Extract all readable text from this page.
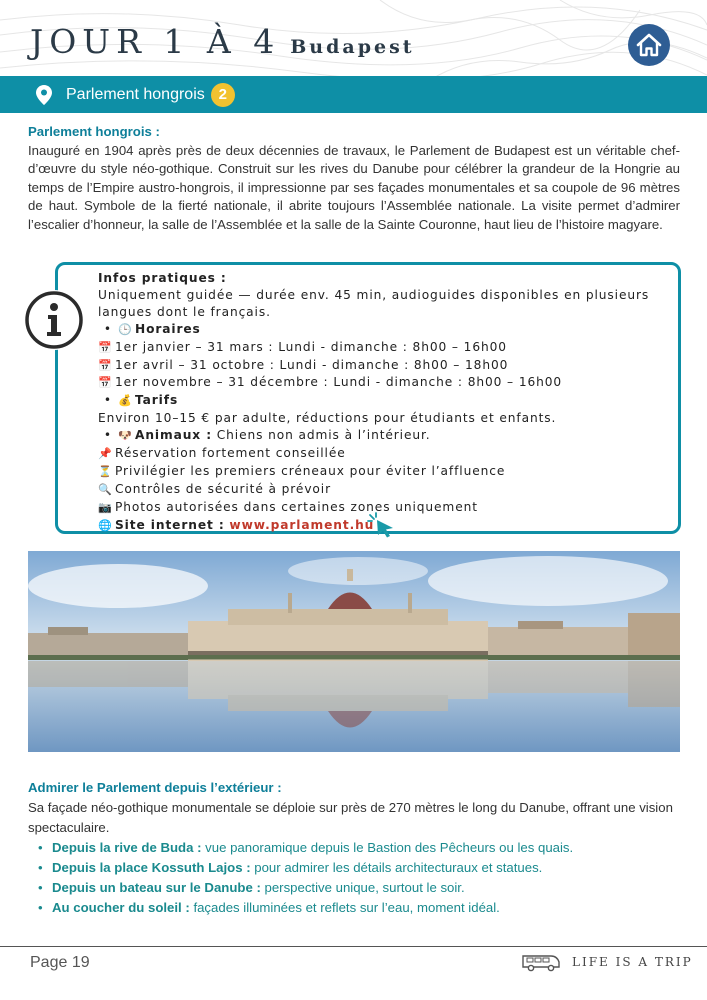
JOUR 1 À 4 Budapest
Parlement hongrois 2
Parlement hongrois :
Inauguré en 1904 après près de deux décennies de travaux, le Parlement de Budapest est un véritable chef-d’œuvre du style néo-gothique. Construit sur les rives du Danube pour célébrer la grandeur de la Hongrie au temps de l’Empire austro-hongrois, il impressionne par ses façades monumentales et sa coupole de 96 mètres de haut. Symbole de la fierté nationale, il abrite toujours l’Assemblée nationale. La visite permet d’admirer l’escalier d’honneur, la salle de l’Assemblée et la salle de la Sainte Couronne, haut lieu de l’histoire magyare.
Infos pratiques :
Uniquement guidée — durée env. 45 min, audioguides disponibles en plusieurs langues dont le français.
• 🕒 Horaires
📅 1er janvier – 31 mars : Lundi - dimanche : 8h00 – 16h00
📅 1er avril – 31 octobre : Lundi - dimanche : 8h00 – 18h00
📅 1er novembre – 31 décembre : Lundi - dimanche : 8h00 – 16h00
• 💰 Tarifs
Environ 10–15 € par adulte, réductions pour étudiants et enfants.
• 🐶 Animaux : Chiens non admis à l’intérieur.
📌 Réservation fortement conseillée
⏳ Privilégier les premiers créneaux pour éviter l’affluence
🔍 Contrôles de sécurité à prévoir
📷 Photos autorisées dans certaines zones uniquement
🌐 Site internet : www.parlament.hu
Admirer le Parlement depuis l’extérieur :
Sa façade néo-gothique monumentale se déploie sur près de 270 mètres le long du Danube, offrant une vision spectaculaire.
• Depuis la rive de Buda : vue panoramique depuis le Bastion des Pêcheurs ou les quais.
• Depuis la place Kossuth Lajos : pour admirer les détails architecturaux et statues.
• Depuis un bateau sur le Danube : perspective unique, surtout le soir.
• Au coucher du soleil : façades illuminées et reflets sur l’eau, moment idéal.
Page 19	LIFE IS A TRIP
